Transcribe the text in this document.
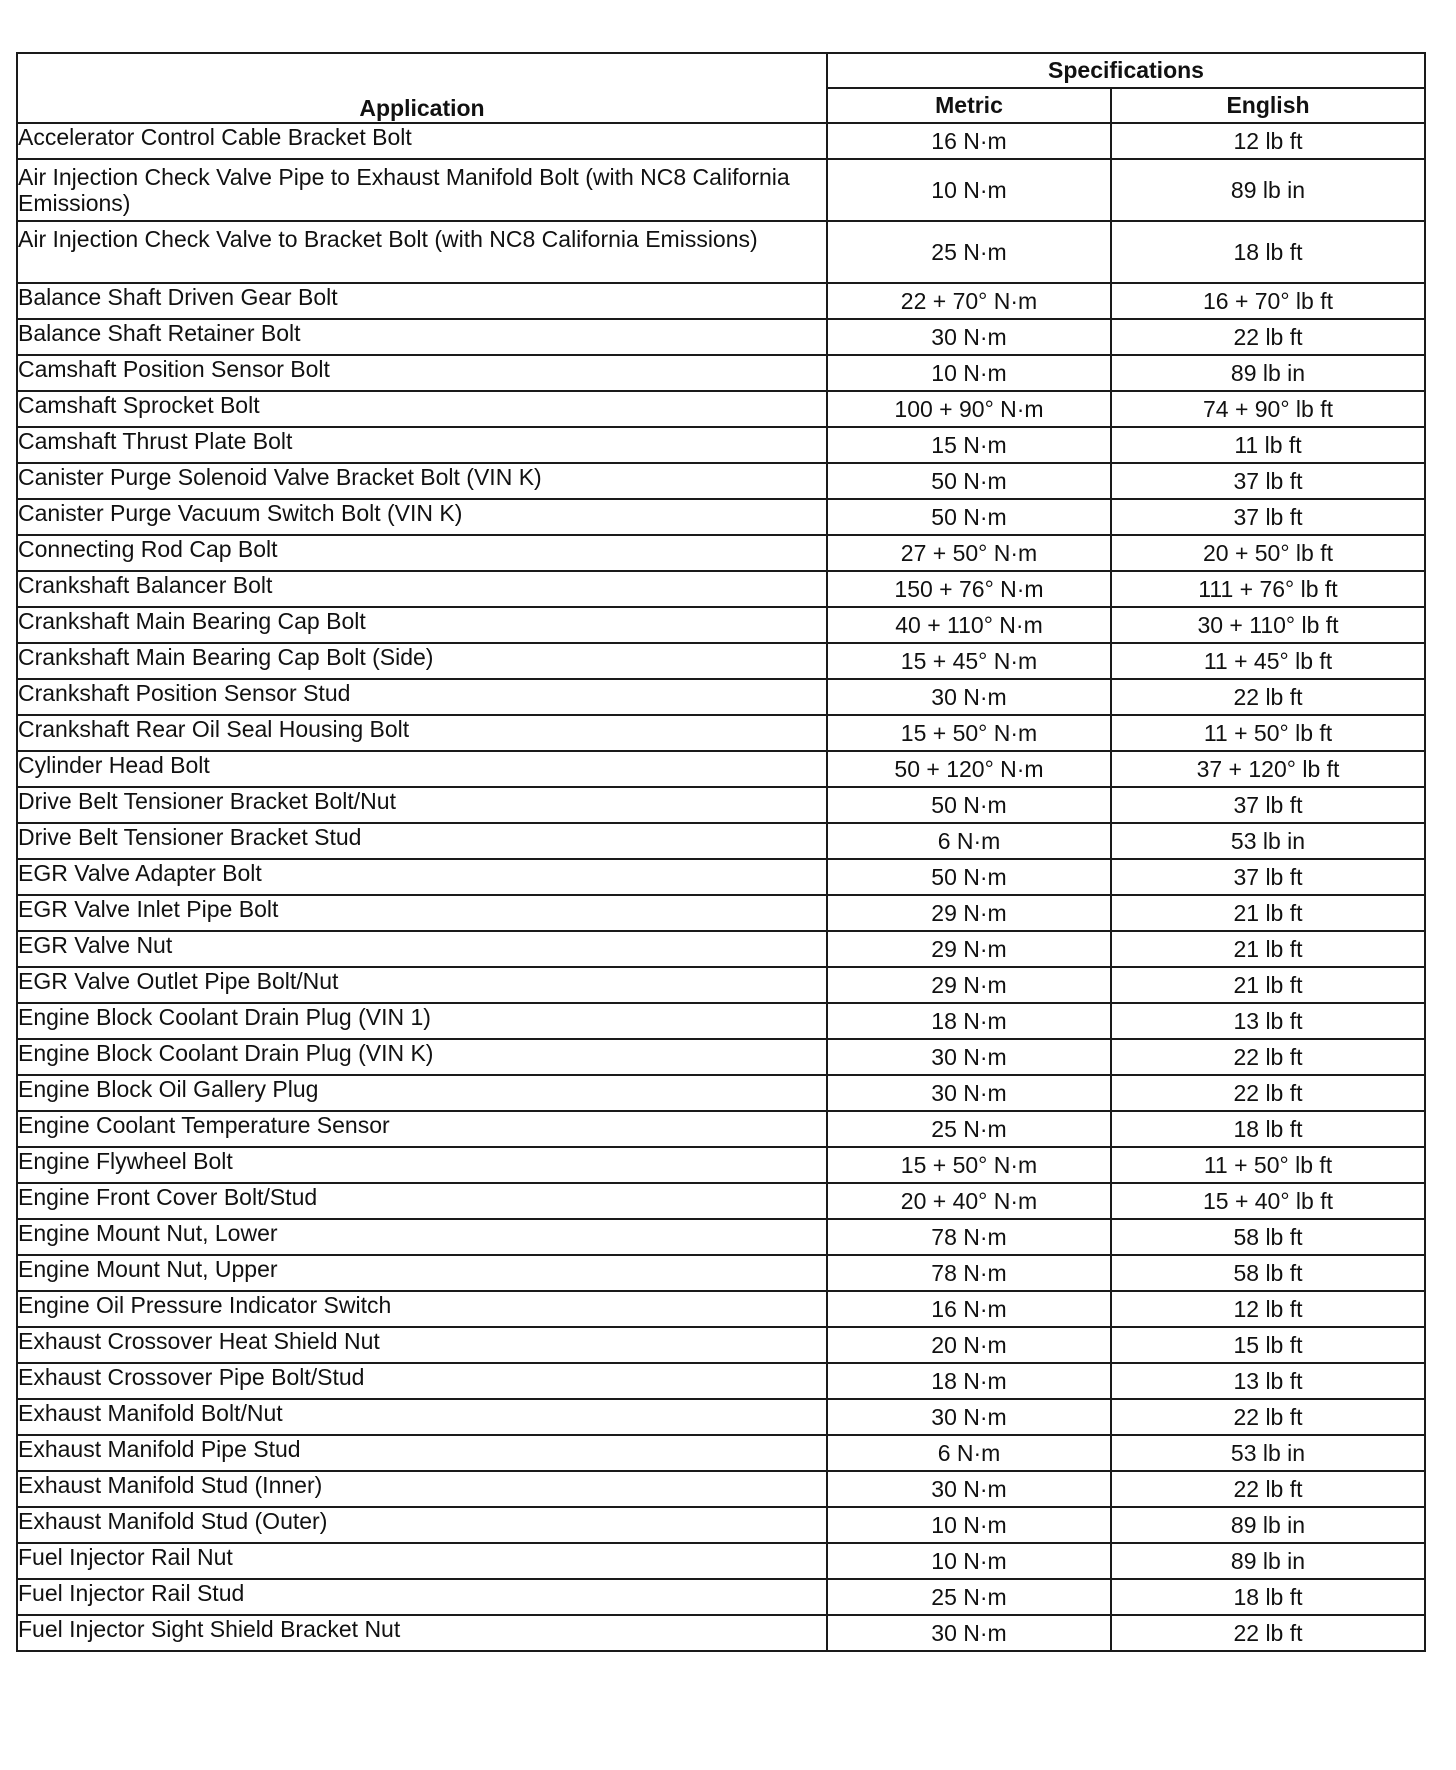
Application	Specifications	
	Metric	English
Accelerator Control Cable Bracket Bolt	16 N·m	12 lb ft
Air Injection Check Valve Pipe to Exhaust Manifold Bolt (with NC8 California Emissions)	10 N·m	89 lb in
Air Injection Check Valve to Bracket Bolt (with NC8 California Emissions)	25 N·m	18 lb ft
Balance Shaft Driven Gear Bolt	22 + 70° N·m	16 + 70° lb ft
Balance Shaft Retainer Bolt	30 N·m	22 lb ft
Camshaft Position Sensor Bolt	10 N·m	89 lb in
Camshaft Sprocket Bolt	100 + 90° N·m	74 + 90° lb ft
Camshaft Thrust Plate Bolt	15 N·m	11 lb ft
Canister Purge Solenoid Valve Bracket Bolt (VIN K)	50 N·m	37 lb ft
Canister Purge Vacuum Switch Bolt (VIN K)	50 N·m	37 lb ft
Connecting Rod Cap Bolt	27 + 50° N·m	20 + 50° lb ft
Crankshaft Balancer Bolt	150 + 76° N·m	111 + 76° lb ft
Crankshaft Main Bearing Cap Bolt	40 + 110° N·m	30 + 110° lb ft
Crankshaft Main Bearing Cap Bolt (Side)	15 + 45° N·m	11 + 45° lb ft
Crankshaft Position Sensor Stud	30 N·m	22 lb ft
Crankshaft Rear Oil Seal Housing Bolt	15 + 50° N·m	11 + 50° lb ft
Cylinder Head Bolt	50 + 120° N·m	37 + 120° lb ft
Drive Belt Tensioner Bracket Bolt/Nut	50 N·m	37 lb ft
Drive Belt Tensioner Bracket Stud	6 N·m	53 lb in
EGR Valve Adapter Bolt	50 N·m	37 lb ft
EGR Valve Inlet Pipe Bolt	29 N·m	21 lb ft
EGR Valve Nut	29 N·m	21 lb ft
EGR Valve Outlet Pipe Bolt/Nut	29 N·m	21 lb ft
Engine Block Coolant Drain Plug (VIN 1)	18 N·m	13 lb ft
Engine Block Coolant Drain Plug (VIN K)	30 N·m	22 lb ft
Engine Block Oil Gallery Plug	30 N·m	22 lb ft
Engine Coolant Temperature Sensor	25 N·m	18 lb ft
Engine Flywheel Bolt	15 + 50° N·m	11 + 50° lb ft
Engine Front Cover Bolt/Stud	20 + 40° N·m	15 + 40° lb ft
Engine Mount Nut, Lower	78 N·m	58 lb ft
Engine Mount Nut, Upper	78 N·m	58 lb ft
Engine Oil Pressure Indicator Switch	16 N·m	12 lb ft
Exhaust Crossover Heat Shield Nut	20 N·m	15 lb ft
Exhaust Crossover Pipe Bolt/Stud	18 N·m	13 lb ft
Exhaust Manifold Bolt/Nut	30 N·m	22 lb ft
Exhaust Manifold Pipe Stud	6 N·m	53 lb in
Exhaust Manifold Stud (Inner)	30 N·m	22 lb ft
Exhaust Manifold Stud (Outer)	10 N·m	89 lb in
Fuel Injector Rail Nut	10 N·m	89 lb in
Fuel Injector Rail Stud	25 N·m	18 lb ft
Fuel Injector Sight Shield Bracket Nut	30 N·m	22 lb ft
